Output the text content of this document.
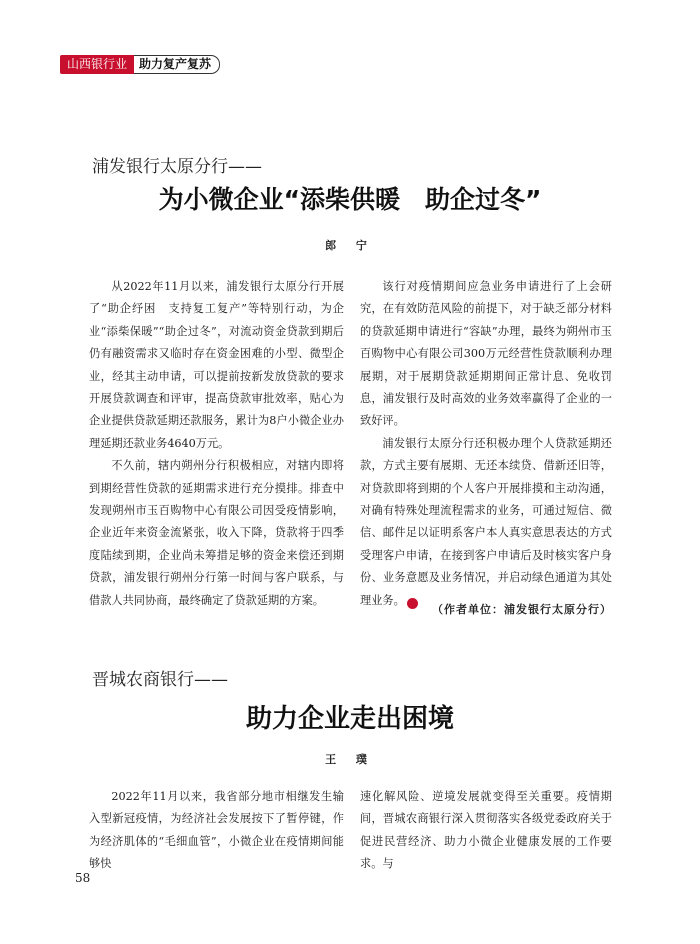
山西银行业	助力复产复苏
浦发银行太原分行——
为小微企业“添柴供暖　助企过冬”
郎 宁

从2022年11月以来，浦发银行太原分行开展了“助企纾困　支持复工复产”等特别行动，为企业“添柴保暖”“助企过冬”，对流动资金贷款到期后仍有融资需求又临时存在资金困难的小型、微型企业，经其主动申请，可以提前按新发放贷款的要求开展贷款调查和评审，提高贷款审批效率，贴心为企业提供贷款延期还款服务，累计为8户小微企业办理延期还款业务4640万元。

不久前，辖内朔州分行积极相应，对辖内即将到期经营性贷款的延期需求进行充分摸排。排查中发现朔州市玉百购物中心有限公司因受疫情影响，企业近年来资金流紧张，收入下降，贷款将于四季度陆续到期，企业尚未筹措足够的资金来偿还到期贷款，浦发银行朔州分行第一时间与客户联系，与借款人共同协商，最终确定了贷款延期的方案。

该行对疫情期间应急业务申请进行了上会研究，在有效防范风险的前提下，对于缺乏部分材料的贷款延期申请进行“容缺”办理，最终为朔州市玉百购物中心有限公司300万元经营性贷款顺利办理展期，对于展期贷款延期期间正常计息、免收罚息，浦发银行及时高效的业务效率赢得了企业的一致好评。

浦发银行太原分行还积极办理个人贷款延期还款，方式主要有展期、无还本续贷、借新还旧等，对贷款即将到期的个人客户开展排摸和主动沟通，对确有特殊处理流程需求的业务，可通过短信、微信、邮件足以证明系客户本人真实意思表达的方式受理客户申请，在接到客户申请后及时核实客户身份、业务意愿及业务情况，并启动绿色通道为其处理业务。	晋

（作者单位：浦发银行太原分行）
晋城农商银行——
助力企业走出困境
王 璞

2022年11月以来，我省部分地市相继发生输入型新冠疫情，为经济社会发展按下了暂停键，作为经济肌体的“毛细血管”，小微企业在疫情期间能够快

速化解风险、逆境发展就变得至关重要。疫情期间，晋城农商银行深入贯彻落实各级党委政府关于促进民营经济、助力小微企业健康发展的工作要求。与

58
